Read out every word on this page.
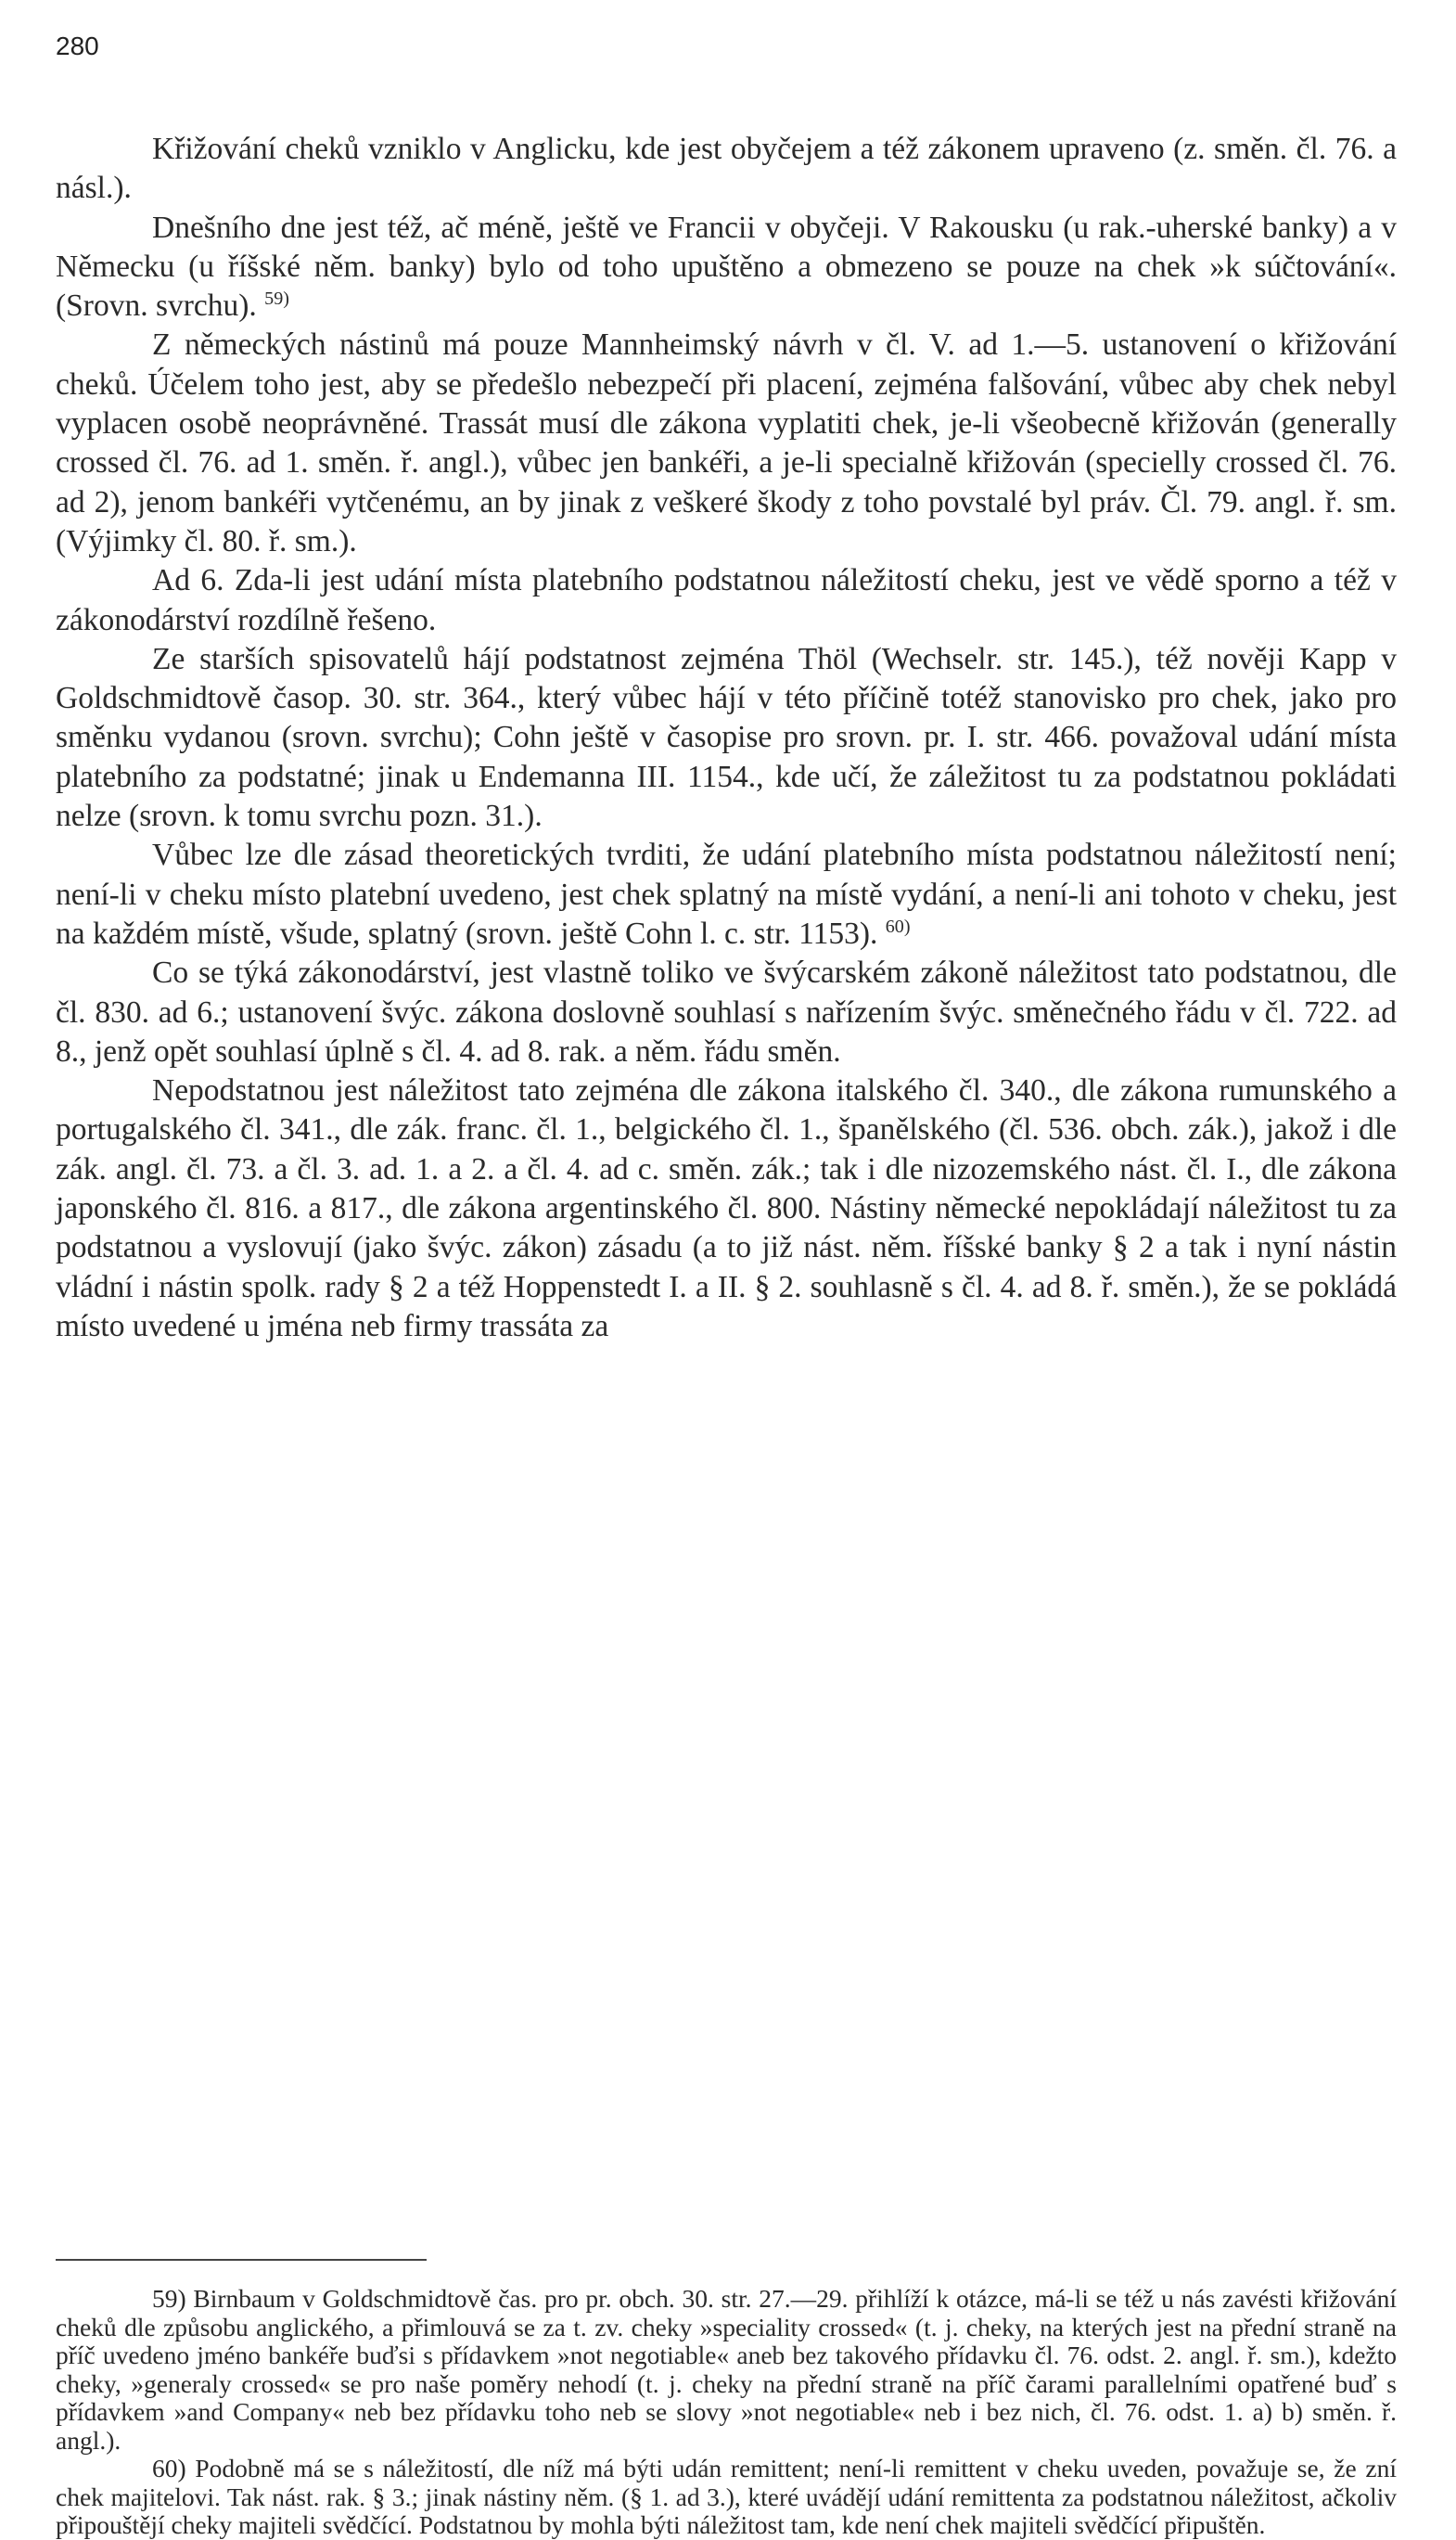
280

Křižování cheků vzniklo v Anglicku, kde jest obyčejem a též zákonem upraveno (z. směn. čl. 76. a násl.).

Dnešního dne jest též, ač méně, ještě ve Francii v obyčeji. V Rakousku (u rak.-uherské banky) a v Německu (u říšské něm. banky) bylo od toho upuštěno a obmezeno se pouze na chek »k súčtování«. (Srovn. svrchu). $^{59)}$

Z německých nástinů má pouze Mannheimský návrh v čl. V. ad 1.—5. ustanovení o křižování cheků. Účelem toho jest, aby se předešlo nebezpečí při placení, zejména falšování, vůbec aby chek nebyl vyplacen osobě neoprávněné. Trassát musí dle zákona vyplatiti chek, je-li všeobecně křižován (generally crossed čl. 76. ad 1. směn. ř. angl.), vůbec jen bankéři, a je-li specialně křižován (specielly crossed čl. 76. ad 2), jenom bankéři vytčenému, an by jinak z veškeré škody z toho povstalé byl práv. Čl. 79. angl. ř. sm. (Výjimky čl. 80. ř. sm.).

Ad 6. Zda-li jest udání místa platebního podstatnou náležitostí cheku, jest ve vědě sporno a též v zákonodárství rozdílně řešeno.

Ze starších spisovatelů hájí podstatnost zejména Thöl (Wechselr. str. 145.), též nověji Kapp v Goldschmidtově časop. 30. str. 364., který vůbec hájí v této příčině totéž stanovisko pro chek, jako pro směnku vydanou (srovn. svrchu); Cohn ještě v časopise pro srovn. pr. I. str. 466. považoval udání místa platebního za podstatné; jinak u Endemanna III. 1154., kde učí, že záležitost tu za podstatnou pokládati nelze (srovn. k tomu svrchu pozn. 31.).

Vůbec lze dle zásad theoretických tvrditi, že udání platebního místa podstatnou náležitostí není; není-li v cheku místo platební uvedeno, jest chek splatný na místě vydání, a není-li ani tohoto v cheku, jest na každém místě, všude, splatný (srovn. ještě Cohn l. c. str. 1153). $^{60)}$

Co se týká zákonodárství, jest vlastně toliko ve švýcarském zákoně náležitost tato podstatnou, dle čl. 830. ad 6.; ustanovení švýc. zákona doslovně souhlasí s nařízením švýc. směnečného řádu v čl. 722. ad 8., jenž opět souhlasí úplně s čl. 4. ad 8. rak. a něm. řádu směn.

Nepodstatnou jest náležitost tato zejména dle zákona italského čl. 340., dle zákona rumunského a portugalského čl. 341., dle zák. franc. čl. 1., belgického čl. 1., španělského (čl. 536. obch. zák.), jakož i dle zák. angl. čl. 73. a čl. 3. ad. 1. a 2. a čl. 4. ad c. směn. zák.; tak i dle nizozemského nást. čl. I., dle zákona japonského čl. 816. a 817., dle zákona argentinského čl. 800. Nástiny německé nepokládají náležitost tu za podstatnou a vyslovují (jako švýc. zákon) zásadu (a to již nást. něm. říšské banky § 2 a tak i nyní nástin vládní i nástin spolk. rady § 2 a též Hoppenstedt I. a II. § 2. souhlasně s čl. 4. ad 8. ř. směn.), že se pokládá místo uvedené u jména neb firmy trassáta za

59) Birnbaum v Goldschmidtově čas. pro pr. obch. 30. str. 27.—29. přihlíží k otázce, má-li se též u nás zavésti křižování cheků dle způsobu anglického, a přimlouvá se za t. zv. cheky »speciality crossed« (t. j. cheky, na kterých jest na přední straně na příč uvedeno jméno bankéře buďsi s přídavkem »not negotiable« aneb bez takového přídavku čl. 76. odst. 2. angl. ř. sm.), kdežto cheky, »generaly crossed« se pro naše poměry nehodí (t. j. cheky na přední straně na příč čarami parallelními opatřené buď s přídavkem »and Company« neb bez přídavku toho neb se slovy »not negotiable« neb i bez nich, čl. 76. odst. 1. a) b) směn. ř. angl.).

60) Podobně má se s náležitostí, dle níž má býti udán remittent; není-li remittent v cheku uveden, považuje se, že zní chek majitelovi. Tak nást. rak. § 3.; jinak nástiny něm. (§ 1. ad 3.), které uvádějí udání remittenta za podstatnou náležitost, ačkoliv připouštějí cheky majiteli svědčící. Podstatnou by mohla býti náležitost tam, kde není chek majiteli svědčící připuštěn.
